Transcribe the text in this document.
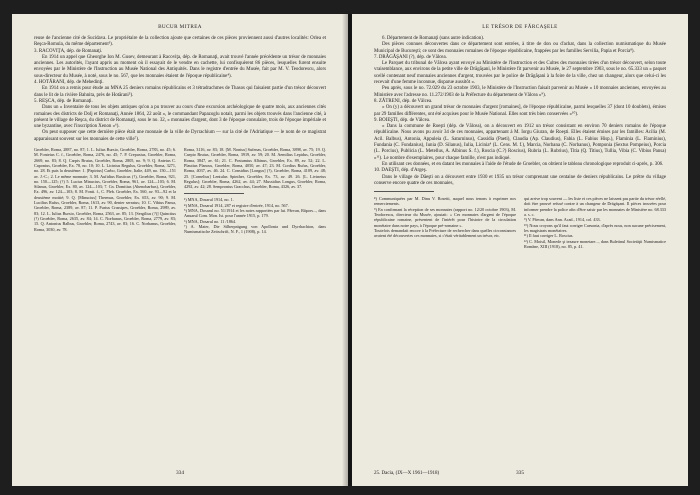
BUCUR MITREA

reuse de l'ancienne cité de Sucidava. Le propriétaire de la collection ajoute que certaines de ces pièces proviennent aussi d'autres localités: Orlea et Reşca-Romula, du même département³).

3. RACOVIŢA, dép. de Romanaţi.

En 1914 un appel que Gheorghe Ion M. Gusev, demeurant à Racoviţa, dép. de Romanaţi, avait trouvé l'année précédente un trésor de monnaies anciennes. Les autorités, l'ayant appris au moment où il essayait de le vendre en cachette, lui confisquèrent 86 pièces, lesquelles furent ensuite envoyées par le Ministère de l'Instruction au Musée National des Antiquités. Dans le registre d'entrée du Musée, fait par M. V. Teodorescu, alors sous-directeur du Musée, à noté, sous le no. 567, que les monnaies étaient de l'époque républicaine⁴).

4. HOTĂRANI, dép. de Mehedinţi.

En 1914 on a remis pour étude au MNA 25 deniers romains républicains et 3 tétradrachmes de Thasos qui faisaient partie d'un trésor découvert dans le lit de la rivière Bahnita, près de Hotărani⁵).

5. REŞCA, dép. de Romanaţi.

Dans un « Inventaire de tous les objets antiques qu'on a pu trouver au cours d'une excursion archéologique de quatre mois, aux anciennes cités romaines des districts de Dolj et Romanaţi, Année 1864, 22 août », le commandant Papazoglu notait, parmi les objets trouvés dans l'ancienne cité, à présent le village de Reşca, du district de Romanaţi, sous le no. 32, « monnaies d'argent, dont 3 de l'époque consulaire, trois de l'époque impériale et une byzantine, avec l'inscription Xenon »⁶).

On peut supposer que cette dernière pièce était une monnaie de la ville de Dyrrachium — sur la cité de l'Adriatique — le nom de ce magistrat apparaissant souvent sur les monnaies de cette ville⁷).

Groebler, Roma, 2887, no. 87; 1. L. Iulius Bursio, Groebler, Roma, 2783, no. 45; 6. M. Fonteius C. f., Groebler, Roma, 2476, no. 45; 7. P. Crepusius, Groebler, Roma, 2669, no. 83; 8. Q. Carpis Brutus, Groebler, Roma, 2805, no. 9; 9. Q. Anteius C. Caponius, Groebler, Ex. 78, no. 10; 10. L. Licinius Regulus, Groebler, Roma, 3271, no. 28. Et puis la deuxième: 1. [Papirius] Carbo, Groebler, Italie, 449, no. 150—151 av. J.-C.; 2. Le même monnaie; 3. M. Aufidius Rusticus (?), Groebler, Roma, 921, no. 150—125; (?) 5. Lucius Minucius, Groebler, Roma, 961, av. 124—103; 6. M. Silanus, Groebler, Ex. 80, av. 124—103; 7. Cn. Domitius (Ahenobarbus), Groebler, Ex. 496, av. 124—103; 8. M. Fonti. f., C. Pleb. Groebler, Ex. 560, av. 93—92 et la deuxième moitié; 9. Q. [Minucius] Thermus, Groebler, Ex. 653, av. 90; 9. M. Lucilius Rufus, Groebler, Roma, 1613, av. 90, denier serratus; 10. C. Vibius Pansa, Groebler, Roma, 2389, av. 87; 11. P. Furius Crassipes, Groebler, Roma, 2989, av. 83; 12. L. Iulius Bursio, Groebler, Roma, 2563, av. 85; 13. [Sergilius (?)] Quinctius (?) Groebler, Roma, 2635, av. 84; 14. C. Norbanus, Groebler, Roma, 2779, av. 83; 15. Q. Antonius Balbus, Groebler, Roma, 2743, av. 83; 16. C. Norbanus, Groebler, Roma, 3030, av. 78.

Roma, 3116, av. 83; 18. [M. Nonius] Sufenas, Groebler, Roma, 3898, av. 75; 19. Q. Caepio Brutus, Groebler, Roma, 3919, av. 59; 20. M. Aemilius Lepidus, Groebler, Roma, 3847, av. 61; 21. C. Postumius Albinus, Groebler, Ex. 89, av. 52; 22. L. Plautius Plancus, Groebler, Roma, 4050, av. 47; 23. M. Cordius Rufus, Groebler, Roma, 4037, av. 46. 24. C. Considius [Longus] (?), Groebler, Roma, 4109, av. 48; 25. [Cornelius] Lentulus Spinther, Groebler, Ex. 73, av. 49. 26. [L. Livineius Regulus]; Groebler, Roma, 4262, av. 44; 27. Mussidius Longus, Groebler, Roma, 4292, av. 42; 28. Sempronius Gracchus, Groebler, Roma, 4326, av. 37.

³) MNA, Dosarul 1914, no. 1.
⁴) MNA, Dosarul 1914, 287 et registre d'entrée, 1914, no. 567.
⁵) MNA, Dosarul no. 51/1914 et les notes rapportées par lui. Pârvan, Râpors..., dans Anuarul Com. Mon. Ist. pour l'année 1915, p. 179.
⁶) MNA, Dosarul no. 11 /1864.
⁷) A. Maier, Die Silberprägung von Apollonia und Dyrrhachion, dans Numismatische Zeitschrift, N. F., 1 (1908), p. 14.

334
LE TRÉSOR DE FĂRCAŞELE

6. Département de Romanaţi (sans autre indication).

Des pièces connues découvertes dans ce département sont entrées, à titre de don ou d'achat, dans la collection numismatique du Musée Municipal de Bucureşti; ce sont des monnaies romaines de l'époque républicaine, frappées par les familles Servilia, Papia et Porcia⁸).

7. DRĂGĂŞANI (?), dép. de Vâlcea.

Le Parquet du tribunal de Vâlcea ayant envoyé au Ministère de l'Instruction et des Cultes des monnaies tirées d'un trésor découvert, selon toute vraisemblance, aux environs de la petite ville de Drăgăşani, le Ministère fit parvenir au Musée, le 27 septembre 1903, sous le no. 65.333 un « paquet scellé contenant neuf monnaies anciennes d'argent, trouvées par le police de Drăgăşani à la foire de la ville, chez un changeur, alors que celui-ci les recevait d'une femme inconnue, disparue aussitôt ».

Peu après, sous le no. 72.029 du 23 octobre 1903, le Ministère de l'Instruction faisait parvenir au Musée « 10 monnaies anciennes, envoyées au Ministère avec l'adresse no. 11.272/1903 de la Préfecture du département de Vâlcea »⁹).

8. ZĂTRENI, dép. de Vâlcea.

« On (y) a découvert un grand trésor de monnaies d'argent [romaines], de l'époque républicaine, parmi lesquelles 37 (dont 10 doublets), émises par 29 familles différentes, ont été acquises pour le Musée National. Elles sont très bien conservées »¹⁰).

9. BOIEŞTI, dép. de Vâlcea.

« Dans la commune de Roeşti (dép. de Vâlcea), on a découvert en 1912 un trésor consistant en environ 70 deniers romains de l'époque républicaine. Nous avons pu avoir 34 de ces monnaies, appartenant à M. Iorgu Giuran, de Roeşti. Elles étaient émises par les familles: Acilia (M. Acil. Balbus), Antonia, Appuleia (L. Saturninus), Cassidia (Paeti), Claudia (Ap. Claudius), Fabia (L. Fabius Hisp.), Flaminia (L. Flaminius), Fundania (C. Fundanius), Iunia (D. Silanus), Iulia, Licinia⁴ (L. Cens. M. f.), Marcia, Norbana (C. Norbanus), Pomponia (Sextus Pompeius), Porcia (L. Porcius), Publicia (L. Metellus, A. Albinus S. f.), Roscia (C.?) Roscius), Rubria (L. Rubrius), Titia (Q. Titius), Tullia, Vibia (C. Vibius Pansa) »¹¹). Le nombre d'exemplaires, pour chaque famille, n'est pas indiqué.

En utilisant ces données, et en datant les monnaies à l'aide de l'étude de Groebler, on obtient le tableau chronologique reproduit ci-après, p. 306.

10. DAEŞTI, dép. d'Argeş.

Dans le village de Dăeşti on a découvert entre 1930 et 1935 un trésor comprenant une centaine de deniers républicains. Le prêtre du village conserve encore quatre de ces monnaies,

⁸) Communiquées par M. Dinu V. Rosetti, auquel nous tenons à exprimer nos remerciements.
⁹) En confirmant la réception de ses monnaies (rapport no. 12/20 octobre 1903), M. Teodorescu, directeur du Musée, ajoutait: « Ces monnaies d'argent de l'époque républicaine romaine, présentent de l'intérêt pour l'histoire de la circulation monétaire dans notre pays, à l'époque pré-romaine ».
Toutefois demandait encore à la Préfecture de rechercher dans quelles circonstances avaient été découvertes ces monnaies, si c'était véritablement un trésor, etc.

qui arrive trop souvent — les liste et ces pièces ne laissent pas partie du trésor réellé, doit être prouvé refusé contre à un changeur de Drăgăşani. Il pièces trouvées pour informer prendre la police afin d'être saisir par les monnaies de Ministère no. 68.333 a. s. c.
⁹) V. Pârvan, dans Ann. Acad., 1914, col. 433.
¹⁰) Nous croyons qu'il faut corriger Caesonia, d'après nous, non aucune précisement, les magistrats monétaires.
¹¹) Il faut corriger L. Roscius.
¹²) C. Moisil, Monede şi tezaure monetare..., dans Buletinul Societăţii Numismatice Române, XIII (1918), no. 85, p. 41.

25. Dacia, (IX—X 1961—1918)	335
